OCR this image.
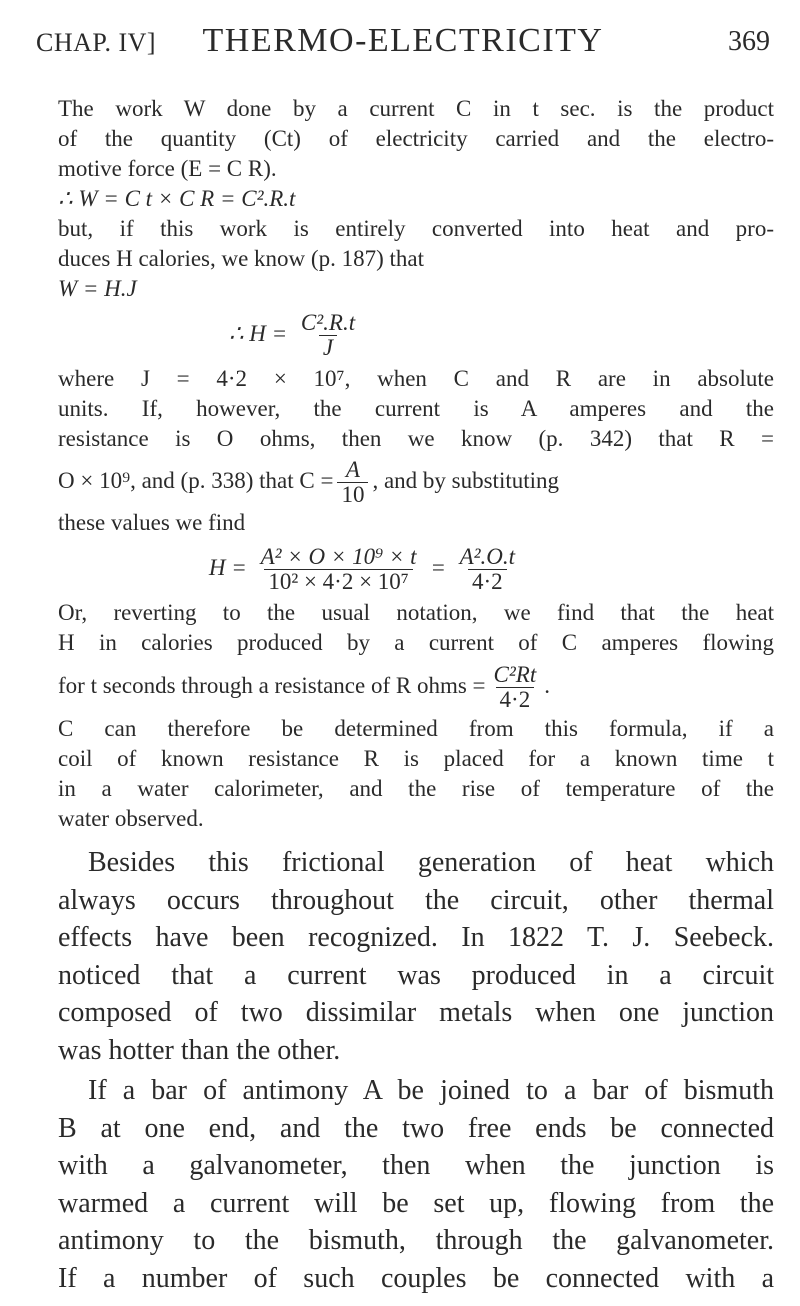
CHAP. IV]	THERMO-ELECTRICITY	369

The work W done by a current C in t sec. is the product

of the quantity (Ct) of electricity carried and the electro-

motive force (E = C R).

∴ W = C t × C R = C².R.t

but, if this work is entirely converted into heat and pro-

duces H calories, we know (p. 187) that

W = H.J

∴ $H = \frac{\text{C².R.t}}{J}$

where J = 4·2 × 10⁷, when C and R are in absolute

units. If, however, the current is A amperes and the

resistance is O ohms, then we know (p. 342) that R =

O × 10⁹, and (p. 338) that $C = \frac{A}{10}$ , and by substituting

these values we find

$H = \frac{\text{A² × O × 10⁹ × t}}{\text{10² × 4·2 × 10⁷}} = \frac{\text{A².O.t}}{4\cdot 2}$

Or, reverting to the usual notation, we find that the heat

H in calories produced by a current of C amperes flowing

for t seconds through a resistance of R ohms = $\frac{\text{C²Rt}}{4\cdot 2}$ .

C can therefore be determined from this formula, if a

coil of known resistance R is placed for a known time t

in a water calorimeter, and the rise of temperature of the

water observed.

Besides this frictional generation of heat which
always occurs throughout the circuit, other thermal
effects have been recognized. In 1822 T. J. Seebeck.
noticed that a current was produced in a circuit
composed of two dissimilar metals when one junction
was hotter than the other.
If a bar of antimony A be joined to a bar of bismuth
B at one end, and the two free ends be connected
with a galvanometer, then when the junction is
warmed a current will be set up, flowing from the
antimony to the bismuth, through the galvanometer.
If a number of such couples be connected with a
